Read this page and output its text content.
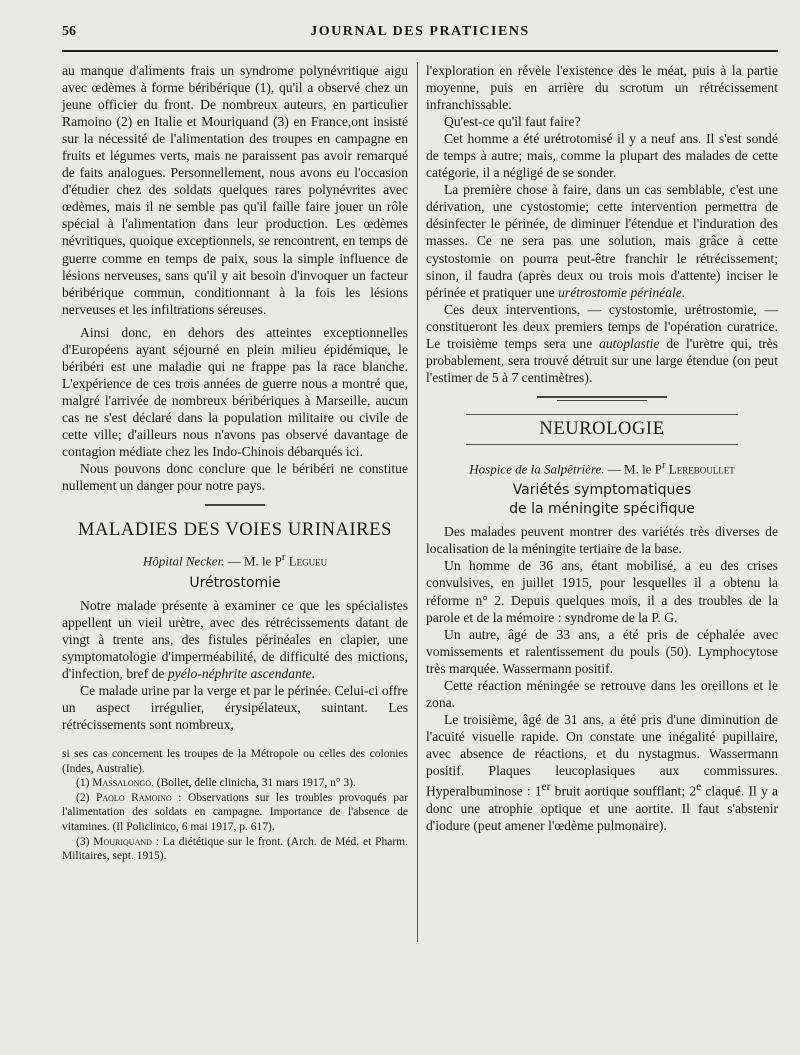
56	JOURNAL DES PRATICIENS

au manque d'aliments frais un syndrome polynévritique aigu avec œdèmes à forme béribérique (1), qu'il a observé chez un jeune officier du front. De nombreux auteurs, en particulier Ramoino (2) en Italie et Mouriquand (3) en France,ont insisté sur la nécessité de l'alimentation des troupes en campagne en fruits et légumes verts, mais ne paraissent pas avoir remarqué de faits analogues. Personnellement, nous avons eu l'occasion d'étudier chez des soldats quelques rares polynévrites avec œdèmes, mais il ne semble pas qu'il faille faire jouer un rôle spécial à l'alimentation dans leur production. Les œdèmes névritiques, quoique exceptionnels, se rencontrent, en temps de guerre comme en temps de paix, sous la simple influence de lésions nerveuses, sans qu'il y ait besoin d'invoquer un facteur béribérique commun, conditionnant à la fois les lésions nerveuses et les infiltrations séreuses.

Ainsi donc, en dehors des atteintes exceptionnelles d'Européens ayant séjourné en plein milieu épidémique, le béribéri est une maladie qui ne frappe pas la race blanche. L'expérience de ces trois années de guerre nous a montré que, malgré l'arrivée de nombreux béribériques à Marseille, aucun cas ne s'est déclaré dans la population militaire ou civile de cette ville; d'ailleurs nous n'avons pas observé davantage de contagion médiate chez les Indo-Chinois débarqués ici.

Nous pouvons donc conclure que le béribéri ne constitue nullement un danger pour notre pays.

MALADIES DES VOIES URINAIRES
Hôpital Necker. — M. le $P^r$ Legueu
Urétrostomie

Notre malade présente à examiner ce que les spécialistes appellent un vieil urètre, avec des rétrécissements datant de vingt à trente ans, des fistules périnéales en clapier, une symptomatologie d'imperméabilité, de difficulté des mictions, d'infection, bref de pyélo-néphrite ascendante.

Ce malade urine par la verge et par le périnée. Celui-ci offre un aspect irrégulier, érysipélateux, suintant. Les rétrécissements sont nombreux,

si ses cas concernent les troupes de la Métropole ou celles des colonies (Indes, Australie).

(1) Massalongo. (Bollet, delle clinicha, 31 mars 1917, n° 3).

(2) Paolo Ramoino : Observations sur les troubles provoqués par l'alimentation des soldats en campagne. Importance de l'absence de vitamines. (Il Policlinico, 6 mai 1917, p. 617).

(3) Mouriquand : La diététique sur le front. (Arch. de Méd. et Pharm. Militaires, sept. 1915).

l'exploration en révèle l'existence dès le méat, puis à la partie moyenne, puis en arrière du scrotum un rétrécissement infranchissable.

Qu'est-ce qu'il faut faire?

Cet homme a été urétrotomisé il y a neuf ans. Il s'est sondé de temps à autre; mais, comme la plupart des malades de cette catégorie, il a négligé de se sonder.

La première chose à faire, dans un cas semblable, c'est une dérivation, une cystostomie; cette intervention permettra de désinfecter le périnée, de diminuer l'étendue et l'induration des masses. Ce ne sera pas une solution, mais grâce à cette cystostomie on pourra peut-être franchir le rétrécissement; sinon, il faudra (après deux ou trois mois d'attente) inciser le périnée et pratiquer une urétrostomie périnéale.

Ces deux interventions, — cystostomie, urétrostomie, — constitueront les deux premiers temps de l'opération curatrice. Le troisième temps sera une autoplastie de l'urètre qui, très probablement, sera trouvé détruit sur une large étendue (on peut l'estimer de 5 à 7 centimètres).

NEUROLOGIE
Hospice de la Salpêtrière. — M. le $P^r$ Lereboullet
Variétés symptomatiques
de la méningite spécifique

Des malades peuvent montrer des variétés très diverses de localisation de la méningite tertiaire de la base.

Un homme de 36 ans, étant mobilisé, a eu des crises convulsives, en juillet 1915, pour lesquelles il a obtenu la réforme n° 2. Depuis quelques mois, il a des troubles de la parole et de la mémoire : syndrome de la P. G.

Un autre, âgé de 33 ans, a été pris de céphalée avec vomissements et ralentissement du pouls (50). Lymphocytose très marquée. Wassermann positif.

Cette réaction méningée se retrouve dans les oreillons et le zona.

Le troisième, âgé de 31 ans, a été pris d'une diminution de l'acuité visuelle rapide. On constate une inégalité pupillaire, avec absence de réactions, et du nystagmus. Wassermann positif. Plaques leucoplasiques aux commissures. Hyperalbuminose : 1er bruit aortique soufflant; 2e claqué. Il y a donc une atrophie optique et une aortite. Il faut s'abstenir d'iodure (peut amener l'œdème pulmonaire).
